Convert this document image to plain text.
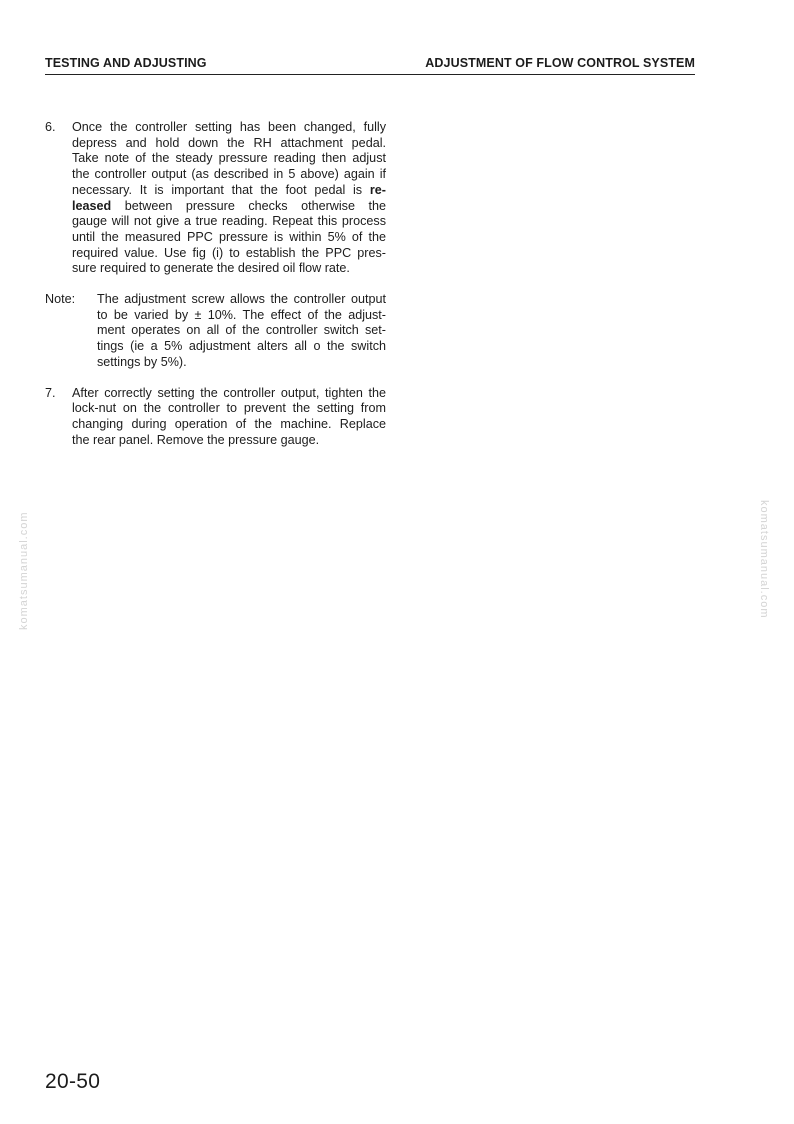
TESTING AND ADJUSTING	ADJUSTMENT OF FLOW CONTROL SYSTEM
6. Once the controller setting has been changed, fully
depress and hold down the RH attachment pedal.
Take note of the steady pressure reading then adjust
the controller output (as described in 5 above) again if
necessary. It is important that the foot pedal is re-
leased between pressure checks otherwise the
gauge will not give a true reading. Repeat this process
until the measured PPC pressure is within 5% of the
required value. Use fig (i) to establish the PPC pres-
sure required to generate the desired oil flow rate.
Note: The adjustment screw allows the controller output
to be varied by ± 10%. The effect of the adjust-
ment operates on all of the controller switch set-
tings (ie a 5% adjustment alters all o the switch
settings by 5%).
7. After correctly setting the controller output, tighten the
lock-nut on the controller to prevent the setting from
changing during operation of the machine. Replace
the rear panel. Remove the pressure gauge.
komatsumanual.com	komatsumanual.com
20-50
